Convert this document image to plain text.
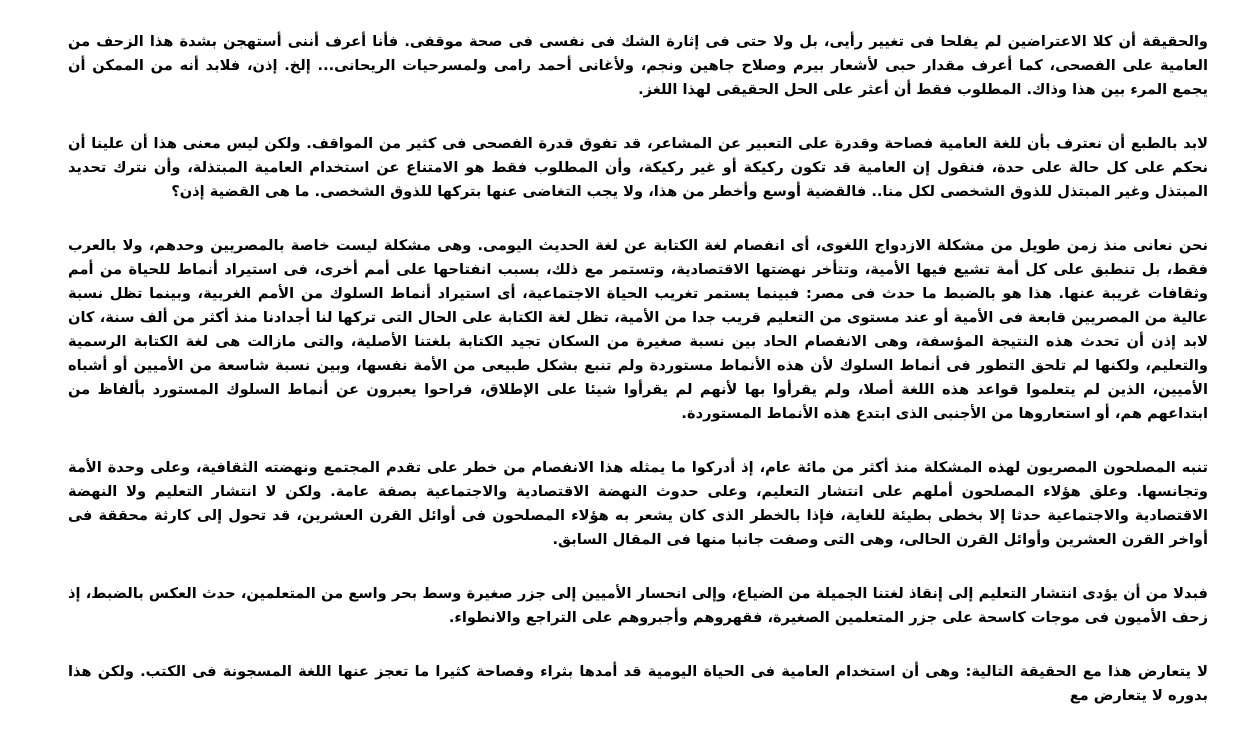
والحقيقة أن كلا الاعتراضين لم يفلحا فى تغيير رأيى، بل ولا حتى فى إثارة الشك فى نفسى فى صحة موقفى. فأنا أعرف أننى أستهجن بشدة هذا الزحف من العامية على الفصحى، كما أعرف مقدار حبى لأشعار بيرم وصلاح جاهين ونجم، ولأغانى أحمد رامى ولمسرحيات الريحانى... إلخ. إذن، فلابد أنه من الممكن أن يجمع المرء بين هذا وذاك. المطلوب فقط أن أعثر على الحل الحقيقى لهذا اللغز.

لابد بالطبع أن نعترف بأن للغة العامية فصاحة وقدرة على التعبير عن المشاعر، قد تفوق قدرة الفصحى فى كثير من المواقف. ولكن ليس معنى هذا أن علينا أن نحكم على كل حالة على حدة، فنقول إن العامية قد تكون ركيكة أو غير ركيكة، وأن المطلوب فقط هو الامتناع عن استخدام العامية المبتذلة، وأن نترك تحديد المبتذل وغير المبتذل للذوق الشخصى لكل منا.. فالقضية أوسع وأخطر من هذا، ولا يجب التغاضى عنها بتركها للذوق الشخصى. ما هى القضية إذن؟

نحن نعانى منذ زمن طويل من مشكلة الازدواج اللغوى، أى انفصام لغة الكتابة عن لغة الحديث اليومى. وهى مشكلة ليست خاصة بالمصريين وحدهم، ولا بالعرب فقط، بل تنطبق على كل أمة تشيع فيها الأمية، وتتأخر نهضتها الاقتصادية، وتستمر مع ذلك، بسبب انفتاحها على أمم أخرى، فى استيراد أنماط للحياة من أمم وثقافات غريبة عنها. هذا هو بالضبط ما حدث فى مصر: فبينما يستمر تغريب الحياة الاجتماعية، أى استيراد أنماط السلوك من الأمم الغربية، وبينما تظل نسبة عالية من المصريين قابعة فى الأمية أو عند مستوى من التعليم قريب جدا من الأمية، تظل لغة الكتابة على الحال التى تركها لنا أجدادنا منذ أكثر من ألف سنة، كان لابد إذن أن تحدث هذه النتيجة المؤسفة، وهى الانفصام الحاد بين نسبة صغيرة من السكان تجيد الكتابة بلغتنا الأصلية، والتى مازالت هى لغة الكتابة الرسمية والتعليم، ولكنها لم تلحق التطور فى أنماط السلوك لأن هذه الأنماط مستوردة ولم تنبع بشكل طبيعى من الأمة نفسها، وبين نسبة شاسعة من الأميين أو أشباه الأميين، الذين لم يتعلموا قواعد هذه اللغة أصلا، ولم يقرأوا بها لأنهم لم يقرأوا شيئا على الإطلاق، فراحوا يعبرون عن أنماط السلوك المستورد بألفاظ من ابتداعهم هم، أو استعاروها من الأجنبى الذى ابتدع هذه الأنماط المستوردة.

تنبه المصلحون المصريون لهذه المشكلة منذ أكثر من مائة عام، إذ أدركوا ما يمثله هذا الانفصام من خطر على تقدم المجتمع ونهضته الثقافية، وعلى وحدة الأمة وتجانسها. وعلق هؤلاء المصلحون أملهم على انتشار التعليم، وعلى حدوث النهضة الاقتصادية والاجتماعية بصفة عامة. ولكن لا انتشار التعليم ولا النهضة الاقتصادية والاجتماعية حدثا إلا بخطى بطيئة للغاية، فإذا بالخطر الذى كان يشعر به هؤلاء المصلحون فى أوائل القرن العشرين، قد تحول إلى كارثة محققة فى أواخر القرن العشرين وأوائل القرن الحالى، وهى التى وصفت جانبا منها فى المقال السابق.

فبدلا من أن يؤدى انتشار التعليم إلى إنقاذ لغتنا الجميلة من الضياع، وإلى انحسار الأميين إلى جزر صغيرة وسط بحر واسع من المتعلمين، حدث العكس بالضبط، إذ زحف الأميون فى موجات كاسحة على جزر المتعلمين الصغيرة، فقهروهم وأجبروهم على التراجع والانطواء.

لا يتعارض هذا مع الحقيقة التالية: وهى أن استخدام العامية فى الحياة اليومية قد أمدها بثراء وفصاحة كثيرا ما تعجز عنها اللغة المسجونة فى الكتب. ولكن هذا بدوره لا يتعارض مع
